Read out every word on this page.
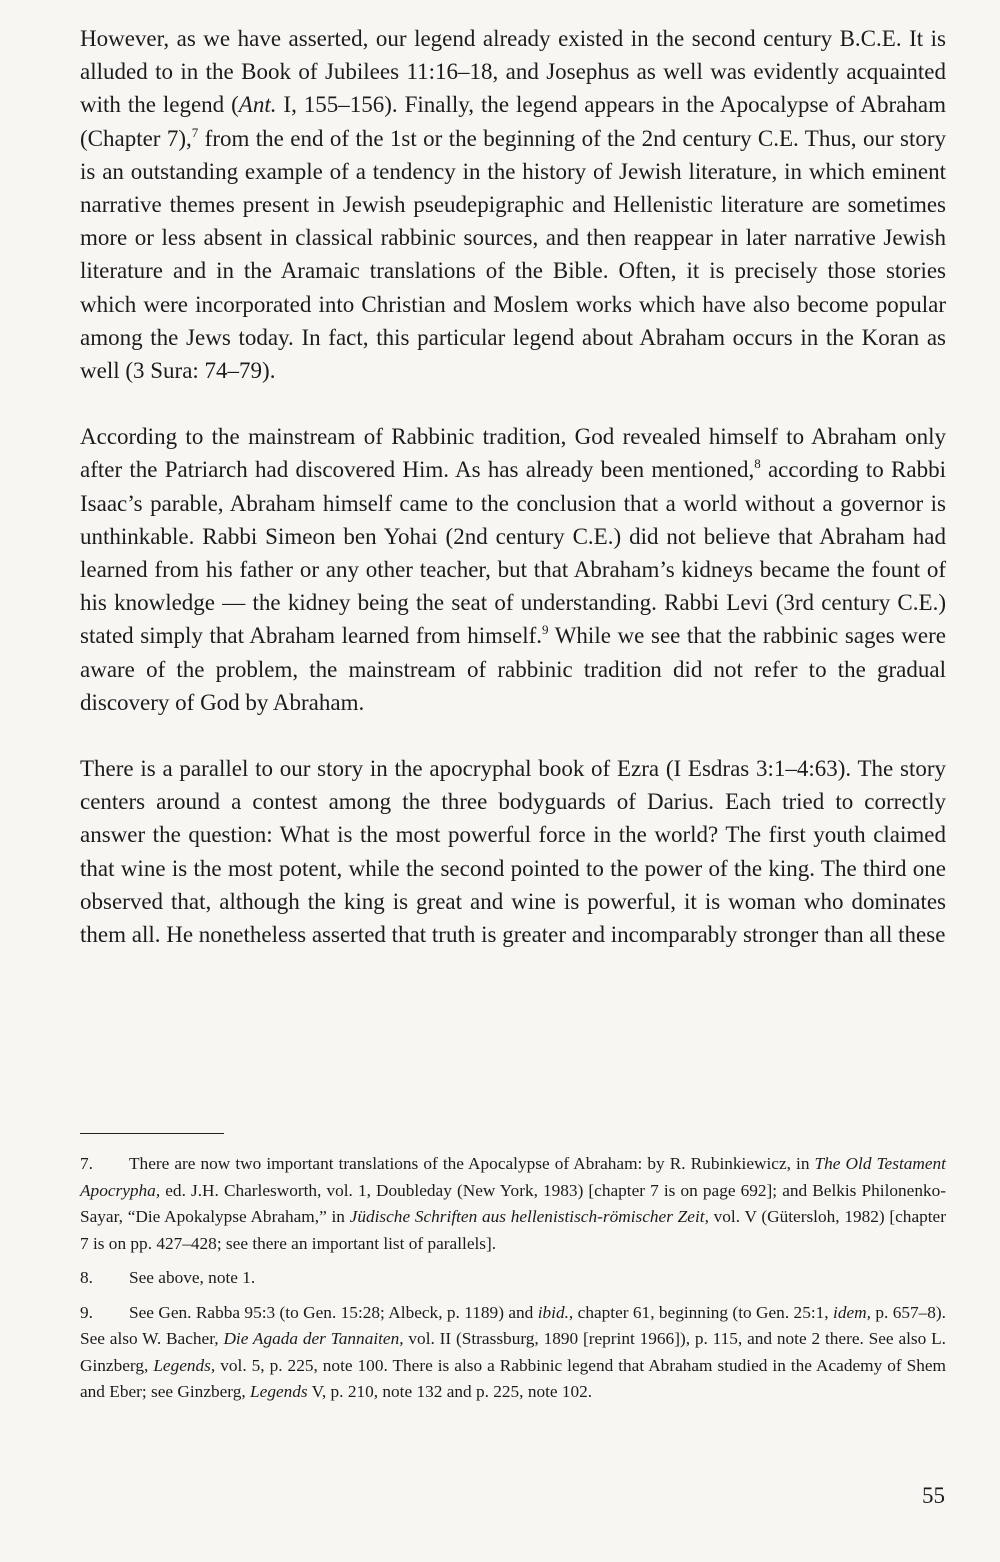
However, as we have asserted, our legend already existed in the second century B.C.E. It is alluded to in the Book of Jubilees 11:16–18, and Josephus as well was evidently acquainted with the legend (Ant. I, 155–156). Finally, the legend appears in the Apocalypse of Abraham (Chapter 7),$^7$ from the end of the 1st or the beginning of the 2nd century C.E. Thus, our story is an outstanding example of a tendency in the history of Jewish literature, in which eminent narrative themes present in Jewish pseudepigraphic and Hellenistic literature are sometimes more or less absent in classical rabbinic sources, and then reappear in later narrative Jewish literature and in the Aramaic translations of the Bible. Often, it is precisely those stories which were incorporated into Christian and Moslem works which have also become popular among the Jews today. In fact, this particular legend about Abraham occurs in the Koran as well (3 Sura: 74–79).

According to the mainstream of Rabbinic tradition, God revealed himself to Abraham only after the Patriarch had discovered Him. As has already been mentioned,$^8$ according to Rabbi Isaac’s parable, Abraham himself came to the conclusion that a world without a governor is unthinkable. Rabbi Simeon ben Yohai (2nd century C.E.) did not believe that Abraham had learned from his father or any other teacher, but that Abraham’s kidneys became the fount of his knowledge — the kidney being the seat of understanding. Rabbi Levi (3rd century C.E.) stated simply that Abraham learned from himself.$^9$ While we see that the rabbinic sages were aware of the problem, the mainstream of rabbinic tradition did not refer to the gradual discovery of God by Abraham.

There is a parallel to our story in the apocryphal book of Ezra (I Esdras 3:1–4:63). The story centers around a contest among the three bodyguards of Darius. Each tried to correctly answer the question: What is the most powerful force in the world? The first youth claimed that wine is the most potent, while the second pointed to the power of the king. The third one observed that, although the king is great and wine is powerful, it is woman who dominates them all. He nonetheless asserted that truth is greater and incomparably stronger than all these

7. There are now two important translations of the Apocalypse of Abraham: by R. Rubinkiewicz, in The Old Testament Apocrypha, ed. J.H. Charlesworth, vol. 1, Doubleday (New York, 1983) [chapter 7 is on page 692]; and Belkis Philonenko-Sayar, “Die Apokalypse Abraham,” in Jüdische Schriften aus hellenistisch-römischer Zeit, vol. V (Gütersloh, 1982) [chapter 7 is on pp. 427–428; see there an important list of parallels].

8. See above, note 1.

9. See Gen. Rabba 95:3 (to Gen. 15:28; Albeck, p. 1189) and ibid., chapter 61, beginning (to Gen. 25:1, idem, p. 657–8). See also W. Bacher, Die Agada der Tannaiten, vol. II (Strassburg, 1890 [reprint 1966]), p. 115, and note 2 there. See also L. Ginzberg, Legends, vol. 5, p. 225, note 100. There is also a Rabbinic legend that Abraham studied in the Academy of Shem and Eber; see Ginzberg, Legends V, p. 210, note 132 and p. 225, note 102.

55
